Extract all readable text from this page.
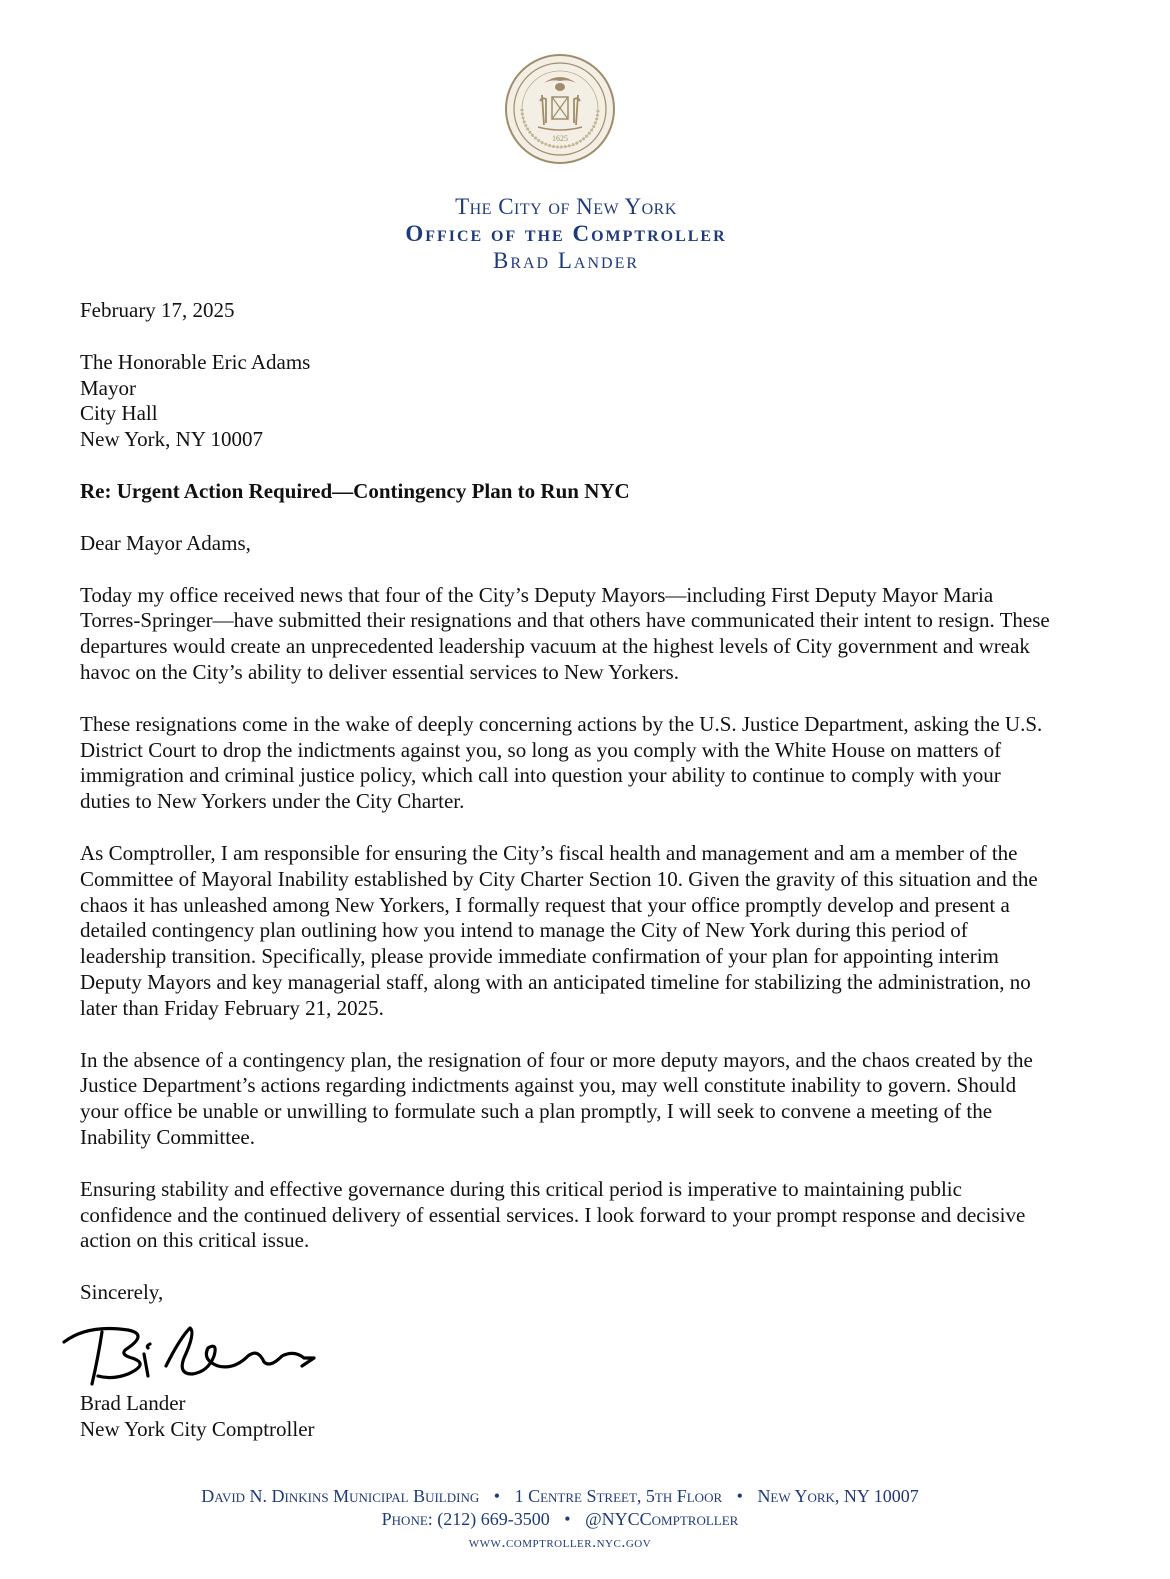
1625
The City of New York
Office of the Comptroller
Brad Lander

February 17, 2025

The Honorable Eric Adams
Mayor
City Hall
New York, NY 10007

Re: Urgent Action Required—Contingency Plan to Run NYC

Dear Mayor Adams,

Today my office received news that four of the City’s Deputy Mayors—including First Deputy Mayor Maria Torres-Springer—have submitted their resignations and that others have communicated their intent to resign. These departures would create an unprecedented leadership vacuum at the highest levels of City government and wreak havoc on the City’s ability to deliver essential services to New Yorkers.

These resignations come in the wake of deeply concerning actions by the U.S. Justice Department, asking the U.S. District Court to drop the indictments against you, so long as you comply with the White House on matters of immigration and criminal justice policy, which call into question your ability to continue to comply with your duties to New Yorkers under the City Charter.

As Comptroller, I am responsible for ensuring the City’s fiscal health and management and am a member of the Committee of Mayoral Inability established by City Charter Section 10. Given the gravity of this situation and the chaos it has unleashed among New Yorkers, I formally request that your office promptly develop and present a detailed contingency plan outlining how you intend to manage the City of New York during this period of leadership transition. Specifically, please provide immediate confirmation of your plan for appointing interim Deputy Mayors and key managerial staff, along with an anticipated timeline for stabilizing the administration, no later than Friday February 21, 2025.

In the absence of a contingency plan, the resignation of four or more deputy mayors, and the chaos created by the Justice Department’s actions regarding indictments against you, may well constitute inability to govern. Should your office be unable or unwilling to formulate such a plan promptly, I will seek to convene a meeting of the Inability Committee.

Ensuring stability and effective governance during this critical period is imperative to maintaining public confidence and the continued delivery of essential services. I look forward to your prompt response and decisive action on this critical issue.

Sincerely,

Brad Lander
New York City Comptroller
David N. Dinkins Municipal Building • 1 Centre Street, 5th Floor • New York, NY 10007
Phone: (212) 669-3500 • @NYCComptroller
www.comptroller.nyc.gov
